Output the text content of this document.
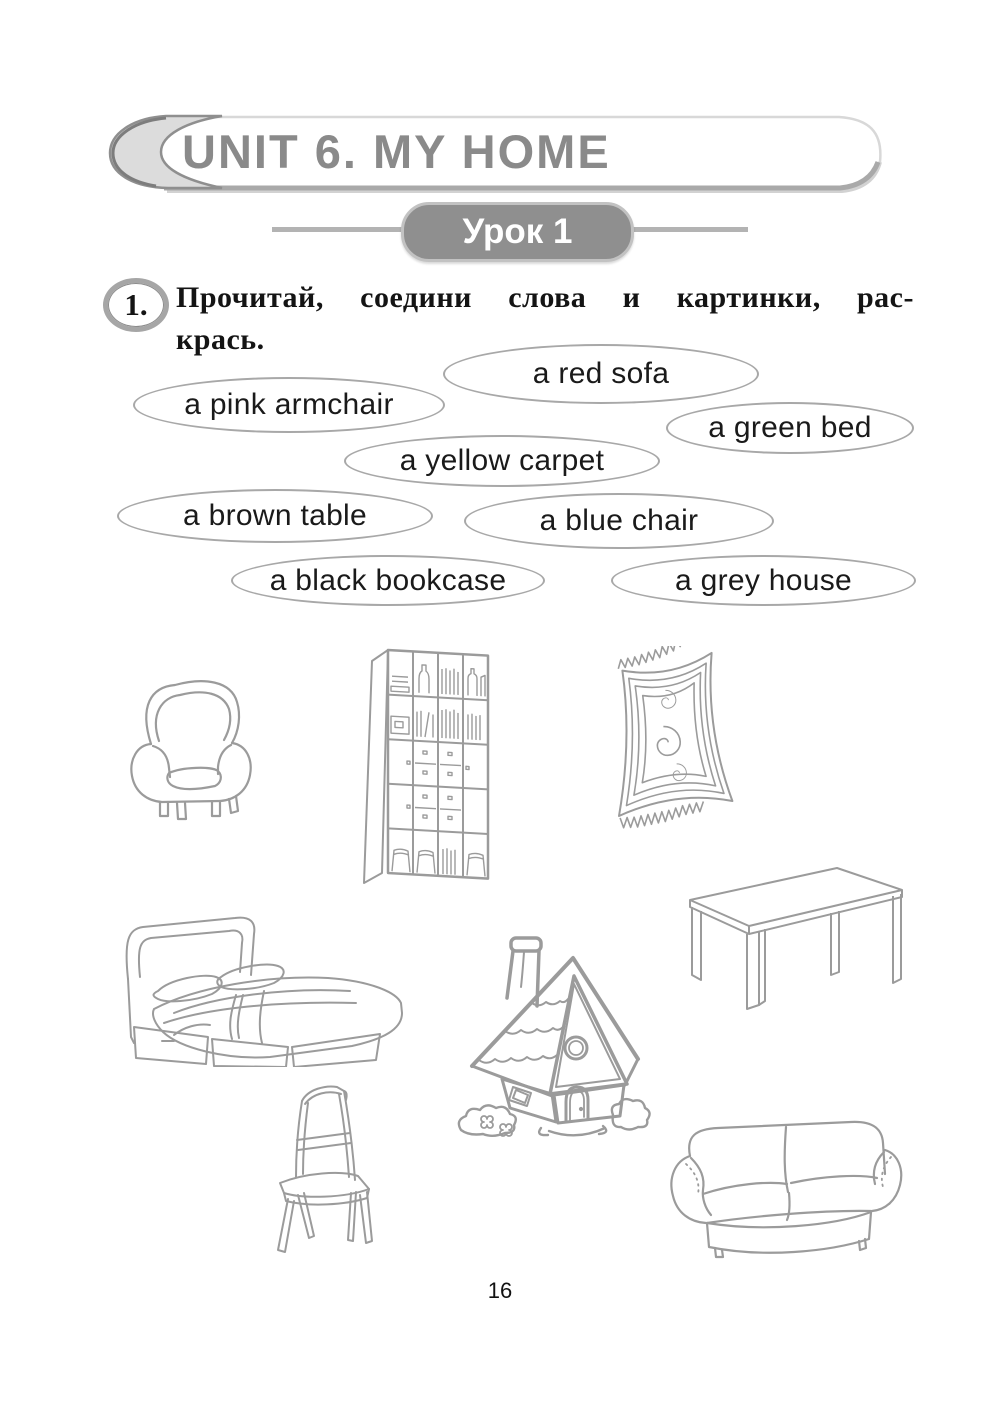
UNIT 6. MY HOME
Урок 1
1. Прочитай, соедини слова и картинки, рас-
крась.
a red sofa
a pink armchair
a green bed
a yellow carpet
a brown table	a blue chair
a black bookcase	a grey house
16
